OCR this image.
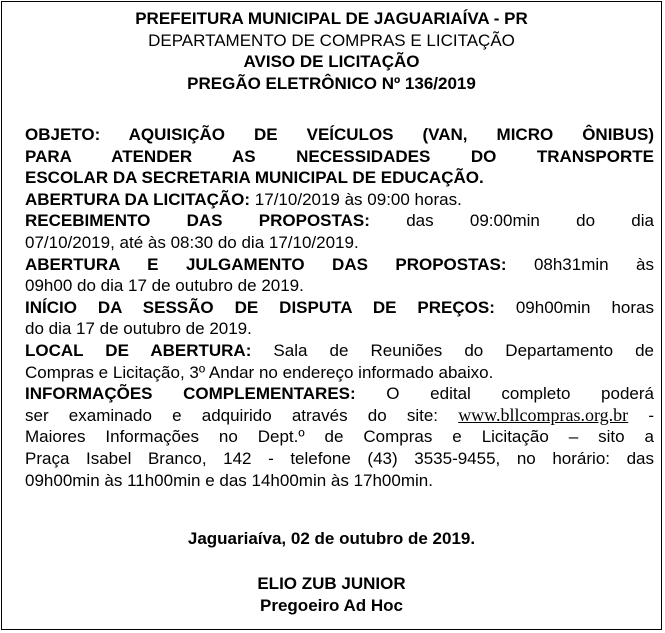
PREFEITURA MUNICIPAL DE JAGUARIAÍVA - PR
DEPARTAMENTO DE COMPRAS E LICITAÇÃO
AVISO DE LICITAÇÃO
PREGÃO ELETRÔNICO Nº 136/2019
OBJETO: AQUISIÇÃO DE VEÍCULOS (VAN, MICRO ÔNIBUS)
PARA ATENDER AS NECESSIDADES DO TRANSPORTE
ESCOLAR DA SECRETARIA MUNICIPAL DE EDUCAÇÃO.
ABERTURA DA LICITAÇÃO: 17/10/2019 às 09:00 horas.
RECEBIMENTO DAS PROPOSTAS: das 09:00min do dia
07/10/2019, até às 08:30 do dia 17/10/2019.
ABERTURA E JULGAMENTO DAS PROPOSTAS: 08h31min às
09h00 do dia 17 de outubro de 2019.
INÍCIO DA SESSÃO DE DISPUTA DE PREÇOS: 09h00min horas
do dia 17 de outubro de 2019.
LOCAL DE ABERTURA: Sala de Reuniões do Departamento de
Compras e Licitação, 3º Andar no endereço informado abaixo.
INFORMAÇÕES COMPLEMENTARES: O edital completo poderá
ser examinado e adquirido através do site: www.bllcompras.org.br -
Maiores Informações no Dept.º de Compras e Licitação – sito a
Praça Isabel Branco, 142 - telefone (43) 3535-9455, no horário: das
09h00min às 11h00min e das 14h00min às 17h00min.
Jaguariaíva, 02 de outubro de 2019.
ELIO ZUB JUNIOR
Pregoeiro Ad Hoc
